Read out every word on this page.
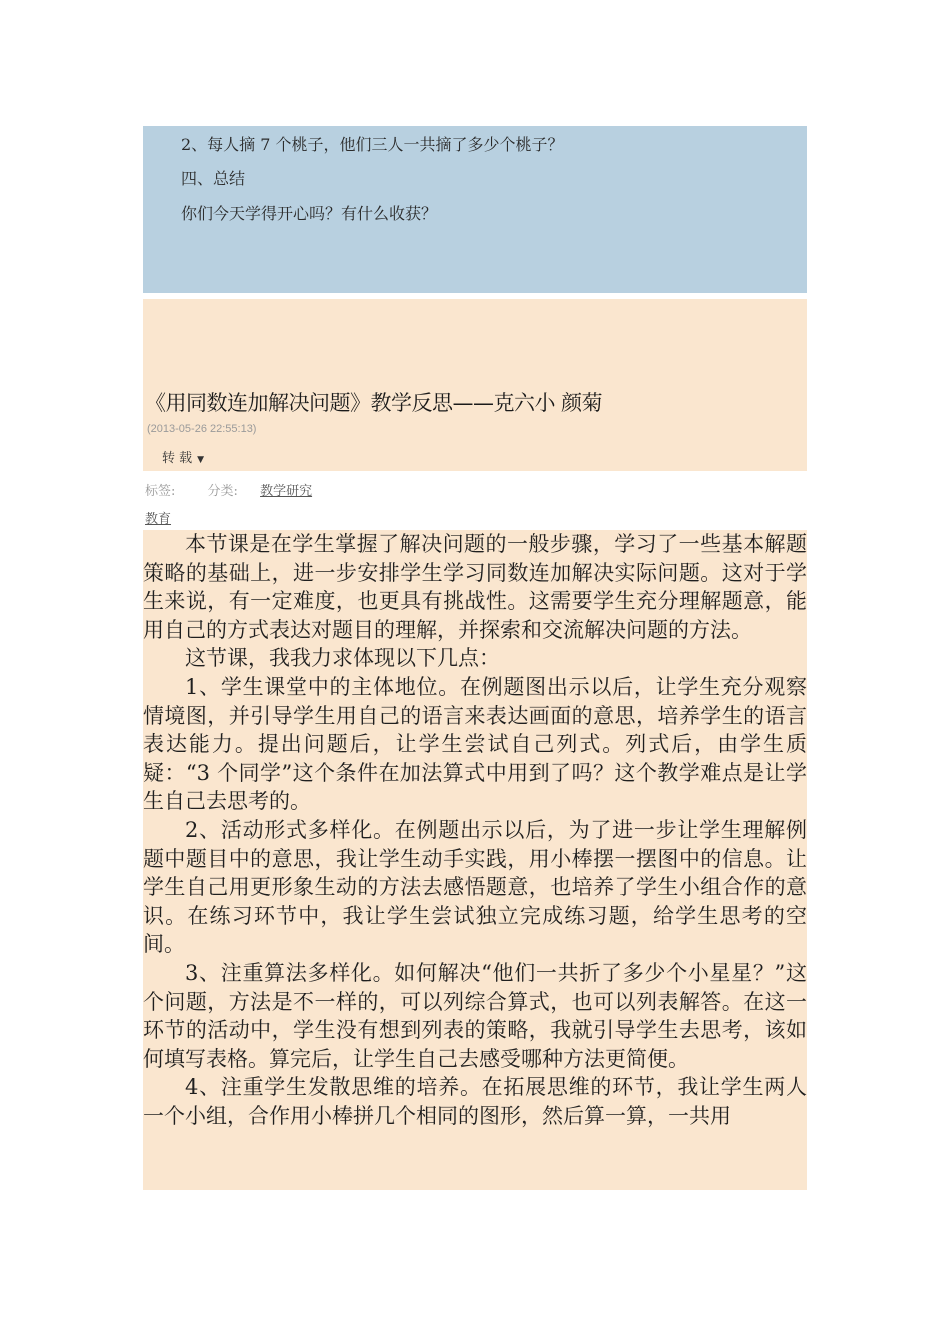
2、每人摘 7 个桃子，他们三人一共摘了多少个桃子？

四、总结

你们今天学得开心吗？有什么收获？

《用同数连加解决问题》教学反思——克六小 颜菊
(2013-05-26 22:55:13)
转 载 ▼
标签: 分类: 教学研究
教育

本节课是在学生掌握了解决问题的一般步骤，学习了一些基本解题策略的基础上，进一步安排学生学习同数连加解决实际问题。这对于学生来说，有一定难度，也更具有挑战性。这需要学生充分理解题意，能用自己的方式表达对题目的理解，并探索和交流解决问题的方法。

这节课，我我力求体现以下几点：

1、学生课堂中的主体地位。在例题图出示以后，让学生充分观察情境图，并引导学生用自己的语言来表达画面的意思，培养学生的语言表达能力。提出问题后，让学生尝试自己列式。列式后，由学生质疑：“3 个同学”这个条件在加法算式中用到了吗？这个教学难点是让学生自己去思考的。

2、活动形式多样化。在例题出示以后，为了进一步让学生理解例题中题目中的意思，我让学生动手实践，用小棒摆一摆图中的信息。让学生自己用更形象生动的方法去感悟题意，也培养了学生小组合作的意识。在练习环节中，我让学生尝试独立完成练习题，给学生思考的空间。

3、注重算法多样化。如何解决“他们一共折了多少个小星星？”这个问题，方法是不一样的，可以列综合算式，也可以列表解答。在这一环节的活动中，学生没有想到列表的策略，我就引导学生去思考，该如何填写表格。算完后，让学生自己去感受哪种方法更简便。

4、注重学生发散思维的培养。在拓展思维的环节，我让学生两人一个小组，合作用小棒拼几个相同的图形，然后算一算，一共用
